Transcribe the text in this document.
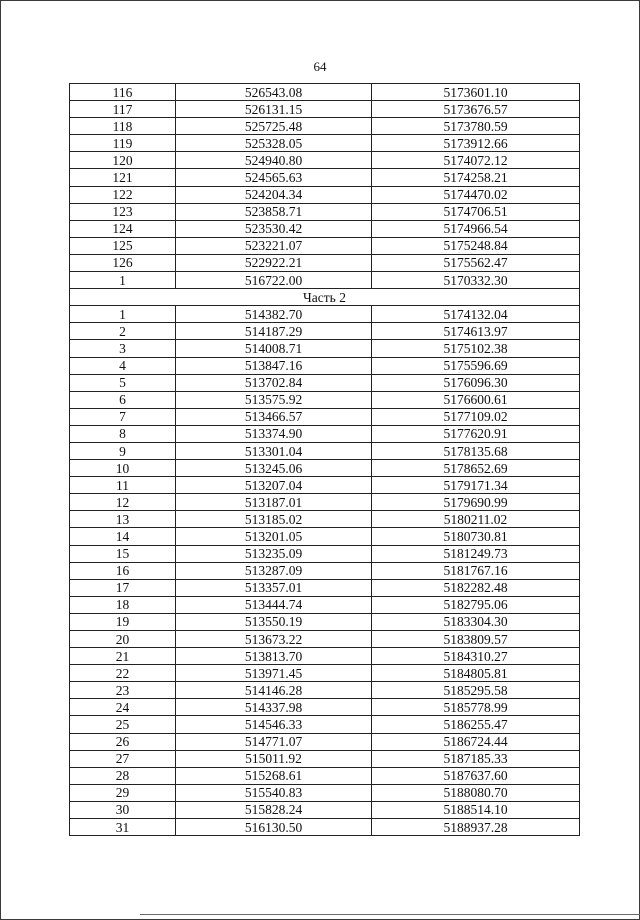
64
116	526543.08	5173601.10
117	526131.15	5173676.57
118	525725.48	5173780.59
119	525328.05	5173912.66
120	524940.80	5174072.12
121	524565.63	5174258.21
122	524204.34	5174470.02
123	523858.71	5174706.51
124	523530.42	5174966.54
125	523221.07	5175248.84
126	522922.21	5175562.47
1	516722.00	5170332.30
Часть 2		
1	514382.70	5174132.04
2	514187.29	5174613.97
3	514008.71	5175102.38
4	513847.16	5175596.69
5	513702.84	5176096.30
6	513575.92	5176600.61
7	513466.57	5177109.02
8	513374.90	5177620.91
9	513301.04	5178135.68
10	513245.06	5178652.69
11	513207.04	5179171.34
12	513187.01	5179690.99
13	513185.02	5180211.02
14	513201.05	5180730.81
15	513235.09	5181249.73
16	513287.09	5181767.16
17	513357.01	5182282.48
18	513444.74	5182795.06
19	513550.19	5183304.30
20	513673.22	5183809.57
21	513813.70	5184310.27
22	513971.45	5184805.81
23	514146.28	5185295.58
24	514337.98	5185778.99
25	514546.33	5186255.47
26	514771.07	5186724.44
27	515011.92	5187185.33
28	515268.61	5187637.60
29	515540.83	5188080.70
30	515828.24	5188514.10
31	516130.50	5188937.28
